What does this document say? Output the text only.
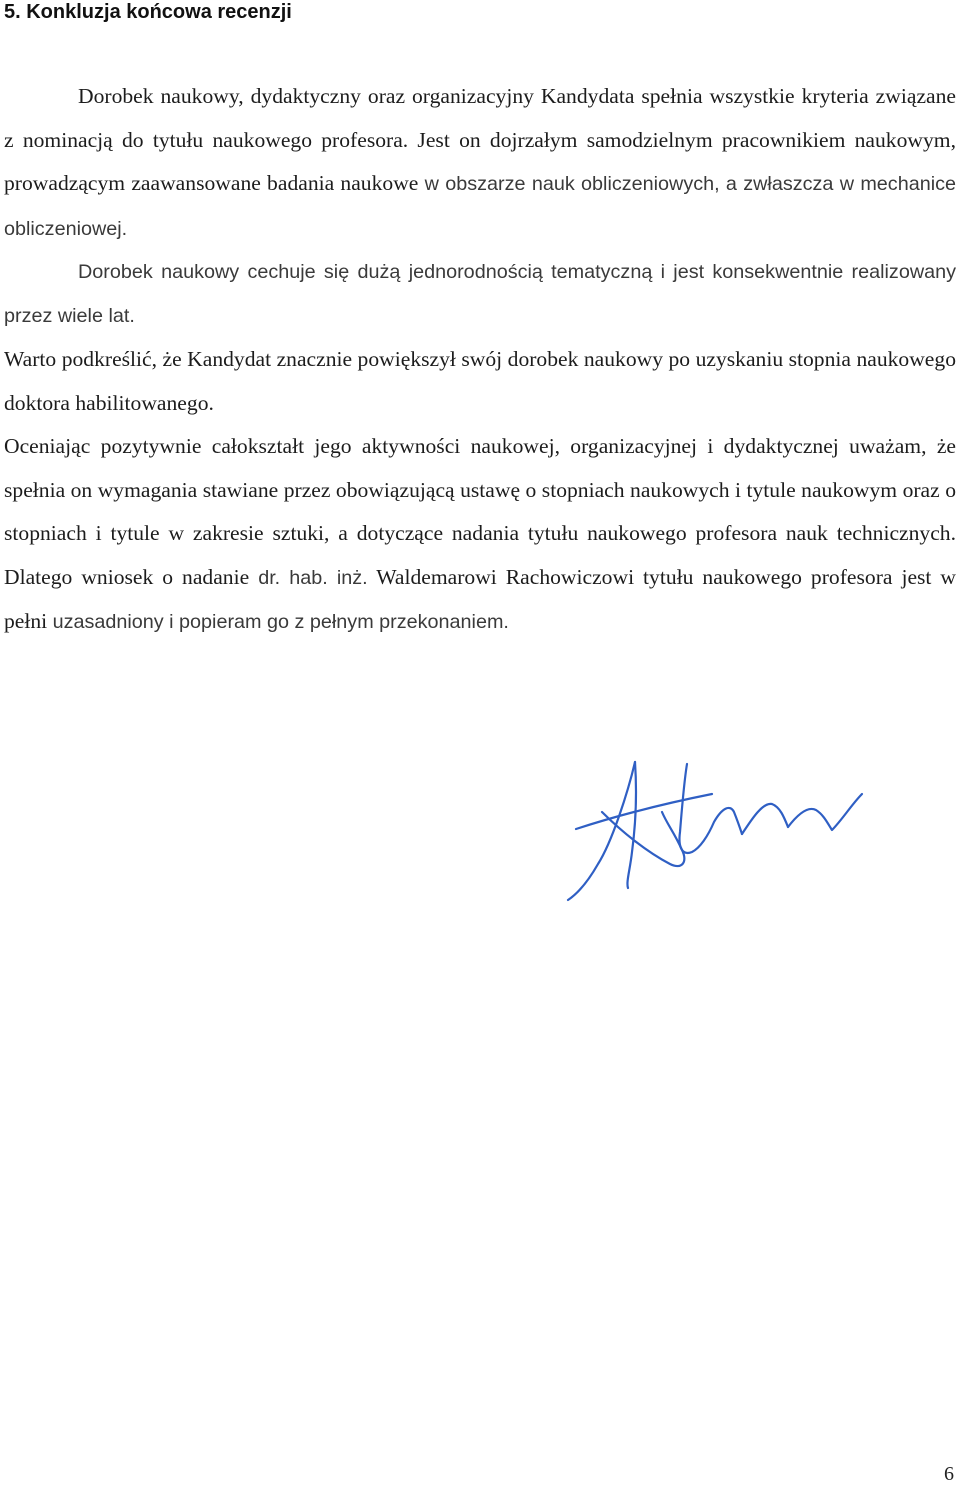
5. Konkluzja końcowa recenzji

Dorobek naukowy, dydaktyczny oraz organizacyjny Kandydata spełnia wszystkie kryteria związane z nominacją do tytułu naukowego profesora. Jest on dojrzałym samodzielnym pracownikiem naukowym, prowadzącym zaawansowane badania naukowe w obszarze nauk obliczeniowych, a zwłaszcza w mechanice obliczeniowej.

Dorobek naukowy cechuje się dużą jednorodnością tematyczną i jest konsekwentnie realizowany przez wiele lat.

Warto podkreślić, że Kandydat znacznie powiększył swój dorobek naukowy po uzyskaniu stopnia naukowego doktora habilitowanego.

Oceniając pozytywnie całokształt jego aktywności naukowej, organizacyjnej i dydaktycznej uważam, że spełnia on wymagania stawiane przez obowiązującą ustawę o stopniach naukowych i tytule naukowym oraz o stopniach i tytule w zakresie sztuki, a dotyczące nadania tytułu naukowego profesora nauk technicznych. Dlatego wniosek o nadanie dr. hab. inż. Waldemarowi Rachowiczowi tytułu naukowego profesora jest w pełni uzasadniony i popieram go z pełnym przekonaniem.

6
